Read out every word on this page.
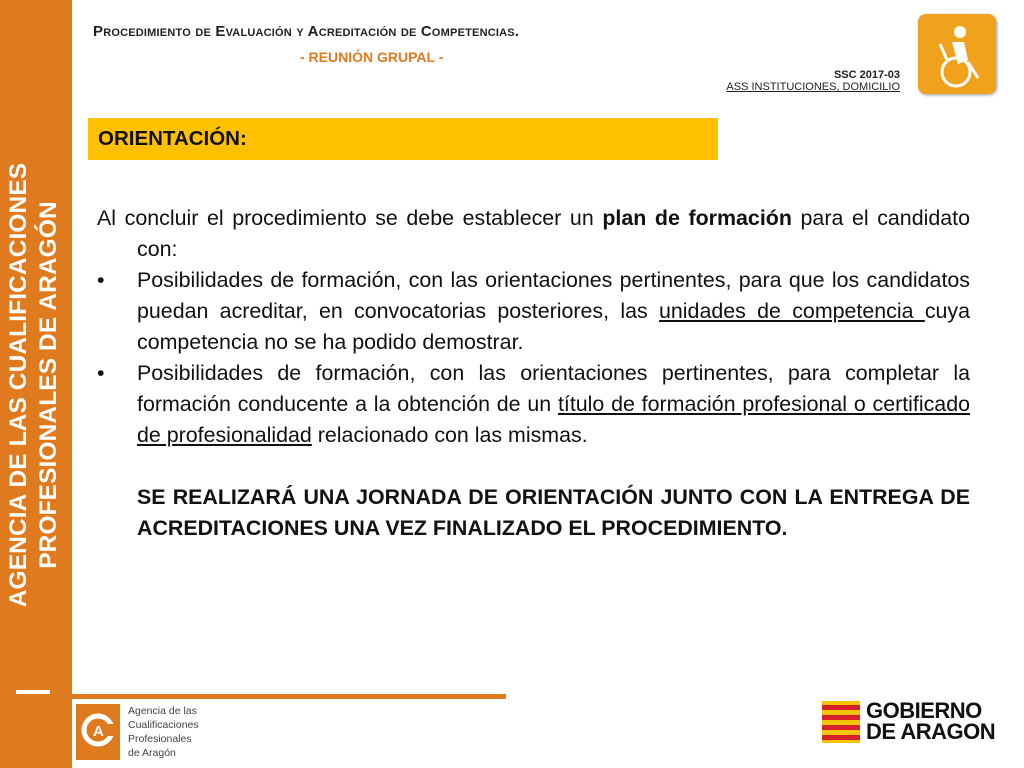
AGENCIA DE LAS CUALIFICACIONES PROFESIONALES DE ARAGÓN
Procedimiento de Evaluación y Acreditación de Competencias.
- REUNIÓN GRUPAL -
SSC 2017-03
ASS INSTITUCIONES, DOMICILIO
ORIENTACIÓN:

Al concluir el procedimiento se debe establecer un plan de formación para el candidato con:

• Posibilidades de formación, con las orientaciones pertinentes, para que los candidatos puedan acreditar, en convocatorias posteriores, las unidades de competencia cuya competencia no se ha podido demostrar.
• Posibilidades de formación, con las orientaciones pertinentes, para completar la formación conducente a la obtención de un título de formación profesional o certificado de profesionalidad relacionado con las mismas.
SE REALIZARÁ UNA JORNADA DE ORIENTACIÓN JUNTO CON LA ENTREGA DE ACREDITACIONES UNA VEZ FINALIZADO EL PROCEDIMIENTO.
A
Agencia de las
Cualificaciones
Profesionales
de Aragón
GOBIERNO
DE ARAGON
